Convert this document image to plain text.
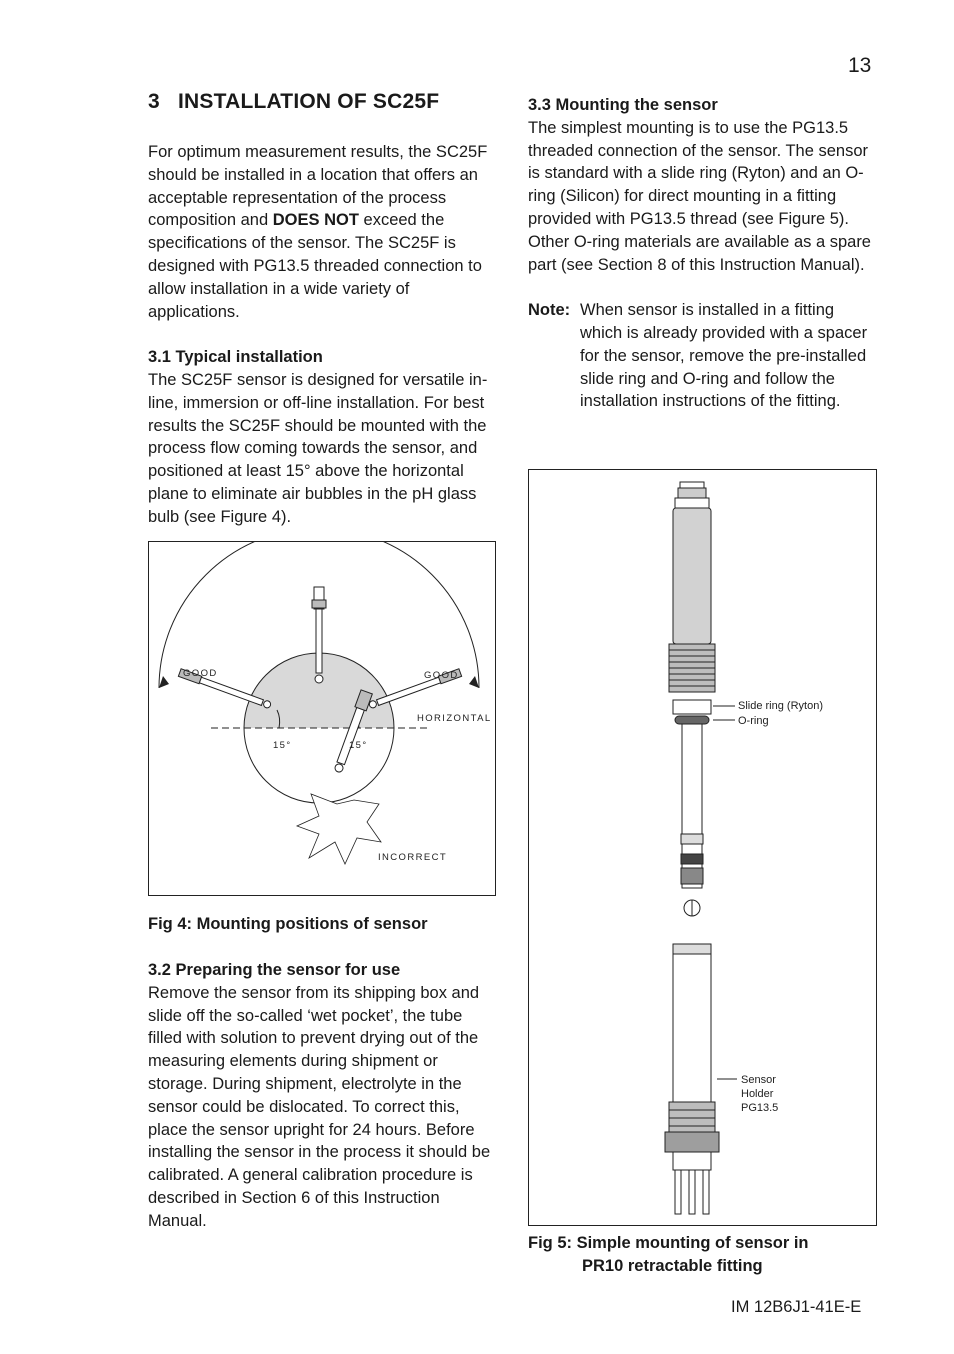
13
3 INSTALLATION OF SC25F

For optimum measurement results, the SC25F should be installed in a location that offers an acceptable representation of the process composition and DOES NOT exceed the specifications of the sensor. The SC25F is designed with PG13.5 threaded connection to allow installation in a wide variety of applications.

3.1 Typical installation

The SC25F sensor is designed for versatile in-line, immersion or off-line installation. For best results the SC25F should be mounted with the process flow coming towards the sensor, and positioned at least 15° above the horizontal plane to eliminate air bubbles in the pH glass bulb (see Figure 4).

GOOD	GOOD
HORIZONTAL
15°	15°
INCORRECT
Fig 4: Mounting positions of sensor

3.2 Preparing the sensor for use

Remove the sensor from its shipping box and slide off the so-called ‘wet pocket’, the tube filled with solution to prevent drying out of the measuring elements during shipment or storage. During shipment, electrolyte in the sensor could be dislocated. To correct this, place the sensor upright for 24 hours. Before installing the sensor in the process it should be calibrated. A general calibration procedure is described in Section 6 of this Instruction Manual.

3.3 Mounting the sensor

The simplest mounting is to use the PG13.5 threaded connection of the sensor. The sensor is standard with a slide ring (Ryton) and an O-ring (Silicon) for direct mounting in a fitting provided with PG13.5 thread (see Figure 5). Other O-ring materials are available as a spare part (see Section 8 of this Instruction Manual).

Note: When sensor is installed in a fitting which is already provided with a spacer for the sensor, remove the pre-installed slide ring and O-ring and follow the installation instructions of the fitting.
Slide ring (Ryton)
O-ring
Sensor
Holder
PG13.5
Fig 5: Simple mounting of sensor in
PR10 retractable fitting
IM 12B6J1-41E-E
